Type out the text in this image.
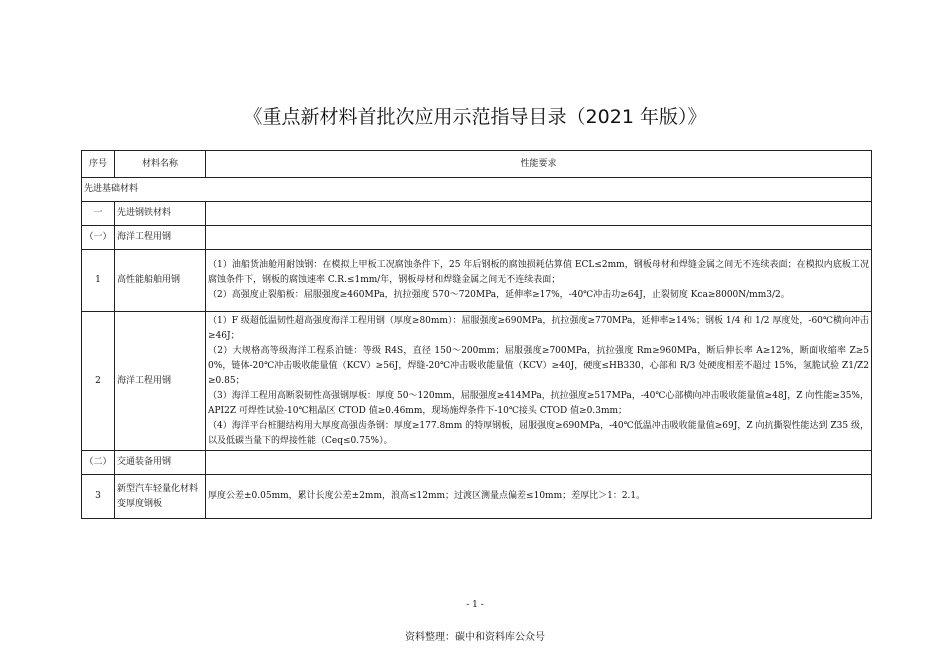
《重点新材料首批次应用示范指导目录（2021 年版）》
序号	材料名称	性能要求
先进基础材料		
一	先进钢铁材料	
（一）	海洋工程用钢	
1	高性能船舶用钢	（1）油船货油舱用耐蚀钢：在模拟上甲板工况腐蚀条件下，25 年后钢板的腐蚀损耗估算值 ECL≤2mm，钢板母材和焊缝金属之间无不连续表面；在模拟内底板工况腐蚀条件下，钢板的腐蚀速率 C.R.≤1mm/年，钢板母材和焊缝金属之间无不连续表面；
（2）高强度止裂船板：屈服强度≥460MPa，抗拉强度 570～720MPa，延伸率≥17%，-40℃冲击功≥64J，止裂韧度 Kca≥8000N/mm3/2。

2	海洋工程用钢	（1）F 级超低温韧性超高强度海洋工程用钢（厚度≥80mm）：屈服强度≥690MPa，抗拉强度≥770MPa，延伸率≥14%；钢板 1/4 和 1/2 厚度处，-60℃横向冲击≥46J；
（2）大规格高等级海洋工程系泊链：等级 R4S，直径 150～200mm；屈服强度≥700MPa，抗拉强度 Rm≥960MPa，断后伸长率 A≥12%，断面收缩率 Z≥50%，链体-20℃冲击吸收能量值（KCV）≥56J，焊缝-20℃冲击吸收能量值（KCV）≥40J，硬度≤HB330，心部和 R/3 处硬度相差不超过 15%，氢脆试验 Z1/Z2≥0.85；
（3）海洋工程用高断裂韧性高强钢厚板：厚度 50～120mm，屈服强度≥414MPa，抗拉强度≥517MPa，-40℃心部横向冲击吸收能量值≥48J，Z 向性能≥35%，API2Z 可焊性试验-10℃粗晶区 CTOD 值≥0.46mm，现场施焊条件下-10℃接头 CTOD 值≥0.3mm；
（4）海洋平台桩腿结构用大厚度高强齿条钢：厚度≥177.8mm 的特厚钢板，屈服强度≥690MPa，-40℃低温冲击吸收能量值≥69J，Z 向抗撕裂性能达到 Z35 级，以及低碳当量下的焊接性能（Ceq≤0.75%）。

（二）	交通装备用钢	
3	新型汽车轻量化材料变厚度钢板	厚度公差±0.05mm，累计长度公差±2mm，浪高≤12mm；过渡区测量点偏差≤10mm；差厚比＞1：2.1。
- 1 -
资料整理：碳中和资料库公众号
